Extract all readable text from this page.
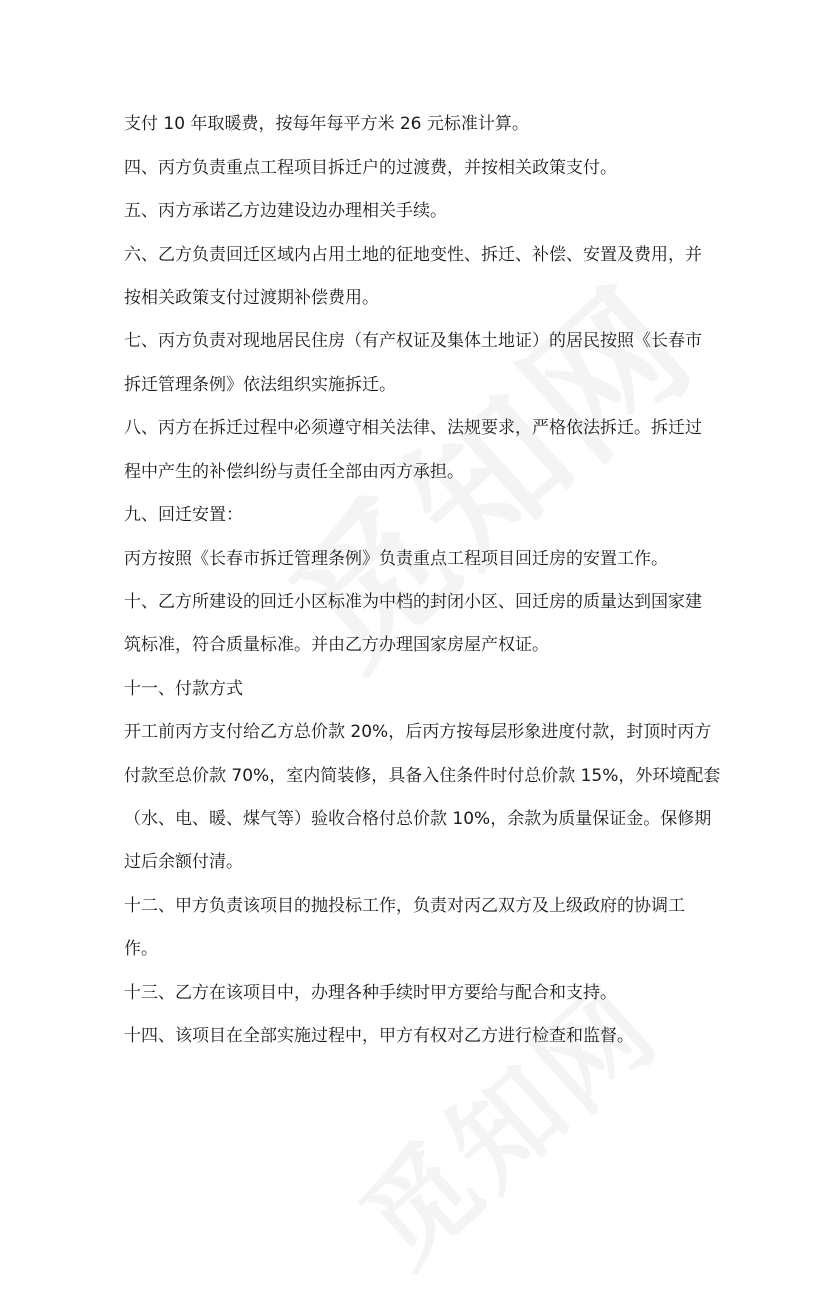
支付 10 年取暖费，按每年每平方米 26 元标准计算。
四、丙方负责重点工程项目拆迁户的过渡费，并按相关政策支付。
五、丙方承诺乙方边建设边办理相关手续。
六、乙方负责回迁区域内占用土地的征地变性、拆迁、补偿、安置及费用，并
按相关政策支付过渡期补偿费用。
七、丙方负责对现地居民住房（有产权证及集体土地证）的居民按照《长春市
拆迁管理条例》依法组织实施拆迁。
八、丙方在拆迁过程中必须遵守相关法律、法规要求，严格依法拆迁。拆迁过
程中产生的补偿纠纷与责任全部由丙方承担。
九、回迁安置：
丙方按照《长春市拆迁管理条例》负责重点工程项目回迁房的安置工作。
十、乙方所建设的回迁小区标准为中档的封闭小区、回迁房的质量达到国家建
筑标准，符合质量标准。并由乙方办理国家房屋产权证。
十一、付款方式
开工前丙方支付给乙方总价款 20%，后丙方按每层形象进度付款，封顶时丙方
付款至总价款 70%，室内简装修，具备入住条件时付总价款 15%，外环境配套
（水、电、暖、煤气等）验收合格付总价款 10%，余款为质量保证金。保修期
过后余额付清。
十二、甲方负责该项目的抛投标工作，负责对丙乙双方及上级政府的协调工
作。
十三、乙方在该项目中，办理各种手续时甲方要给与配合和支持。
十四、该项目在全部实施过程中，甲方有权对乙方进行检查和监督。
